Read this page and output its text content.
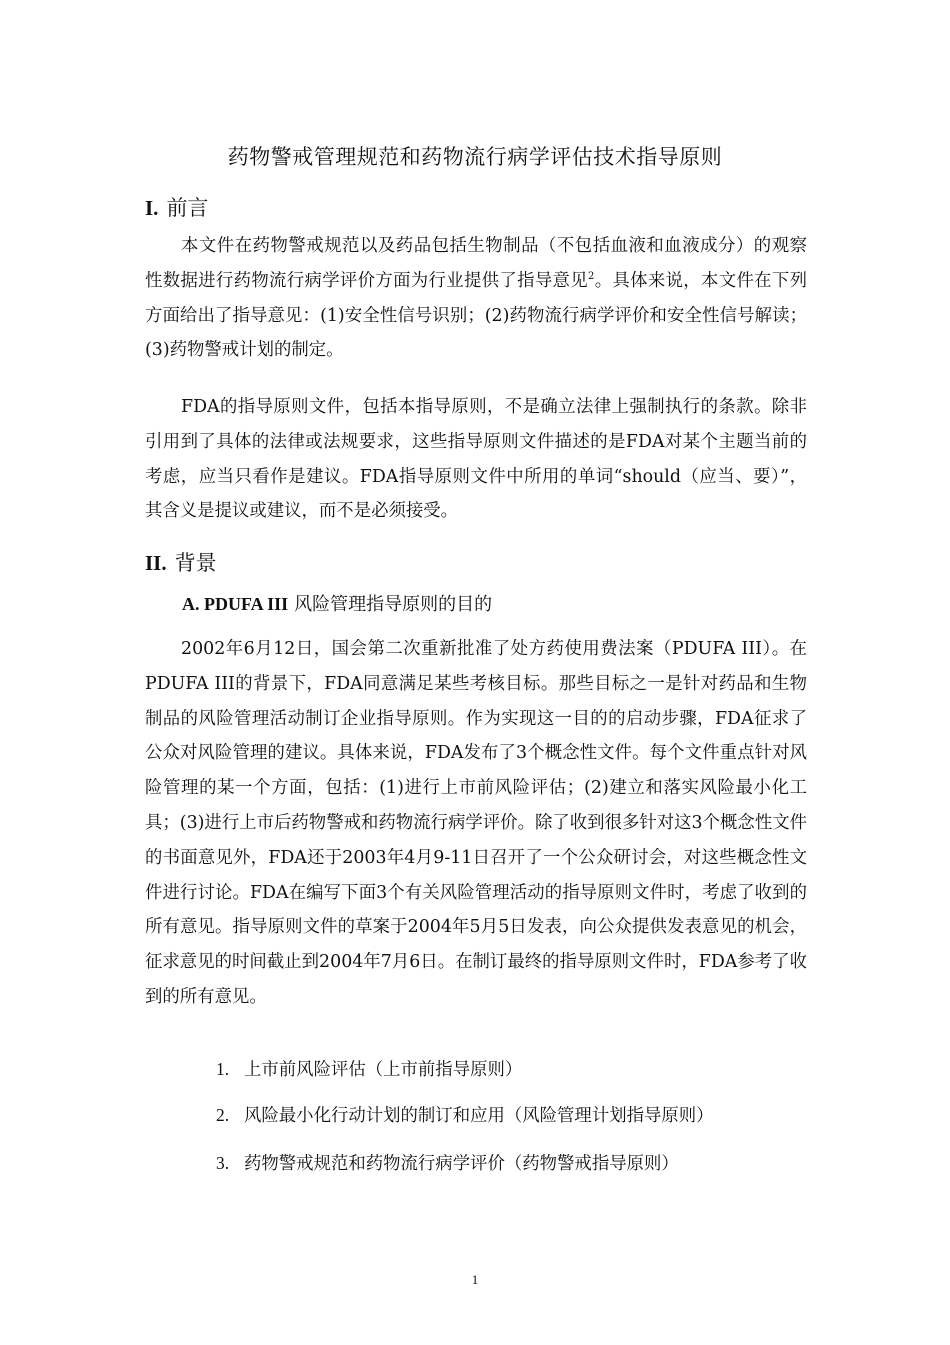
药物警戒管理规范和药物流行病学评估技术指导原则
I. 前言

本文件在药物警戒规范以及药品包括生物制品（不包括血液和血液成分）的观察性数据进行药物流行病学评价方面为行业提供了指导意见$^2$。具体来说，本文件在下列方面给出了指导意见：(1)安全性信号识别；(2)药物流行病学评价和安全性信号解读；(3)药物警戒计划的制定。

FDA的指导原则文件，包括本指导原则，不是确立法律上强制执行的条款。除非引用到了具体的法律或法规要求，这些指导原则文件描述的是FDA对某个主题当前的考虑，应当只看作是建议。FDA指导原则文件中所用的单词“should（应当、要）”，其含义是提议或建议，而不是必须接受。

II. 背景
A. PDUFA III 风险管理指导原则的目的

2002年6月12日，国会第二次重新批准了处方药使用费法案（PDUFA III）。在PDUFA III的背景下，FDA同意满足某些考核目标。那些目标之一是针对药品和生物制品的风险管理活动制订企业指导原则。作为实现这一目的的启动步骤，FDA征求了公众对风险管理的建议。具体来说，FDA发布了3个概念性文件。每个文件重点针对风险管理的某一个方面，包括：(1)进行上市前风险评估；(2)建立和落实风险最小化工具；(3)进行上市后药物警戒和药物流行病学评价。除了收到很多针对这3个概念性文件的书面意见外，FDA还于2003年4月9-11日召开了一个公众研讨会，对这些概念性文件进行讨论。FDA在编写下面3个有关风险管理活动的指导原则文件时，考虑了收到的所有意见。指导原则文件的草案于2004年5月5日发表，向公众提供发表意见的机会，征求意见的时间截止到2004年7月6日。在制订最终的指导原则文件时，FDA参考了收到的所有意见。

1. 上市前风险评估（上市前指导原则）
2. 风险最小化行动计划的制订和应用（风险管理计划指导原则）
3. 药物警戒规范和药物流行病学评价（药物警戒指导原则）
1
